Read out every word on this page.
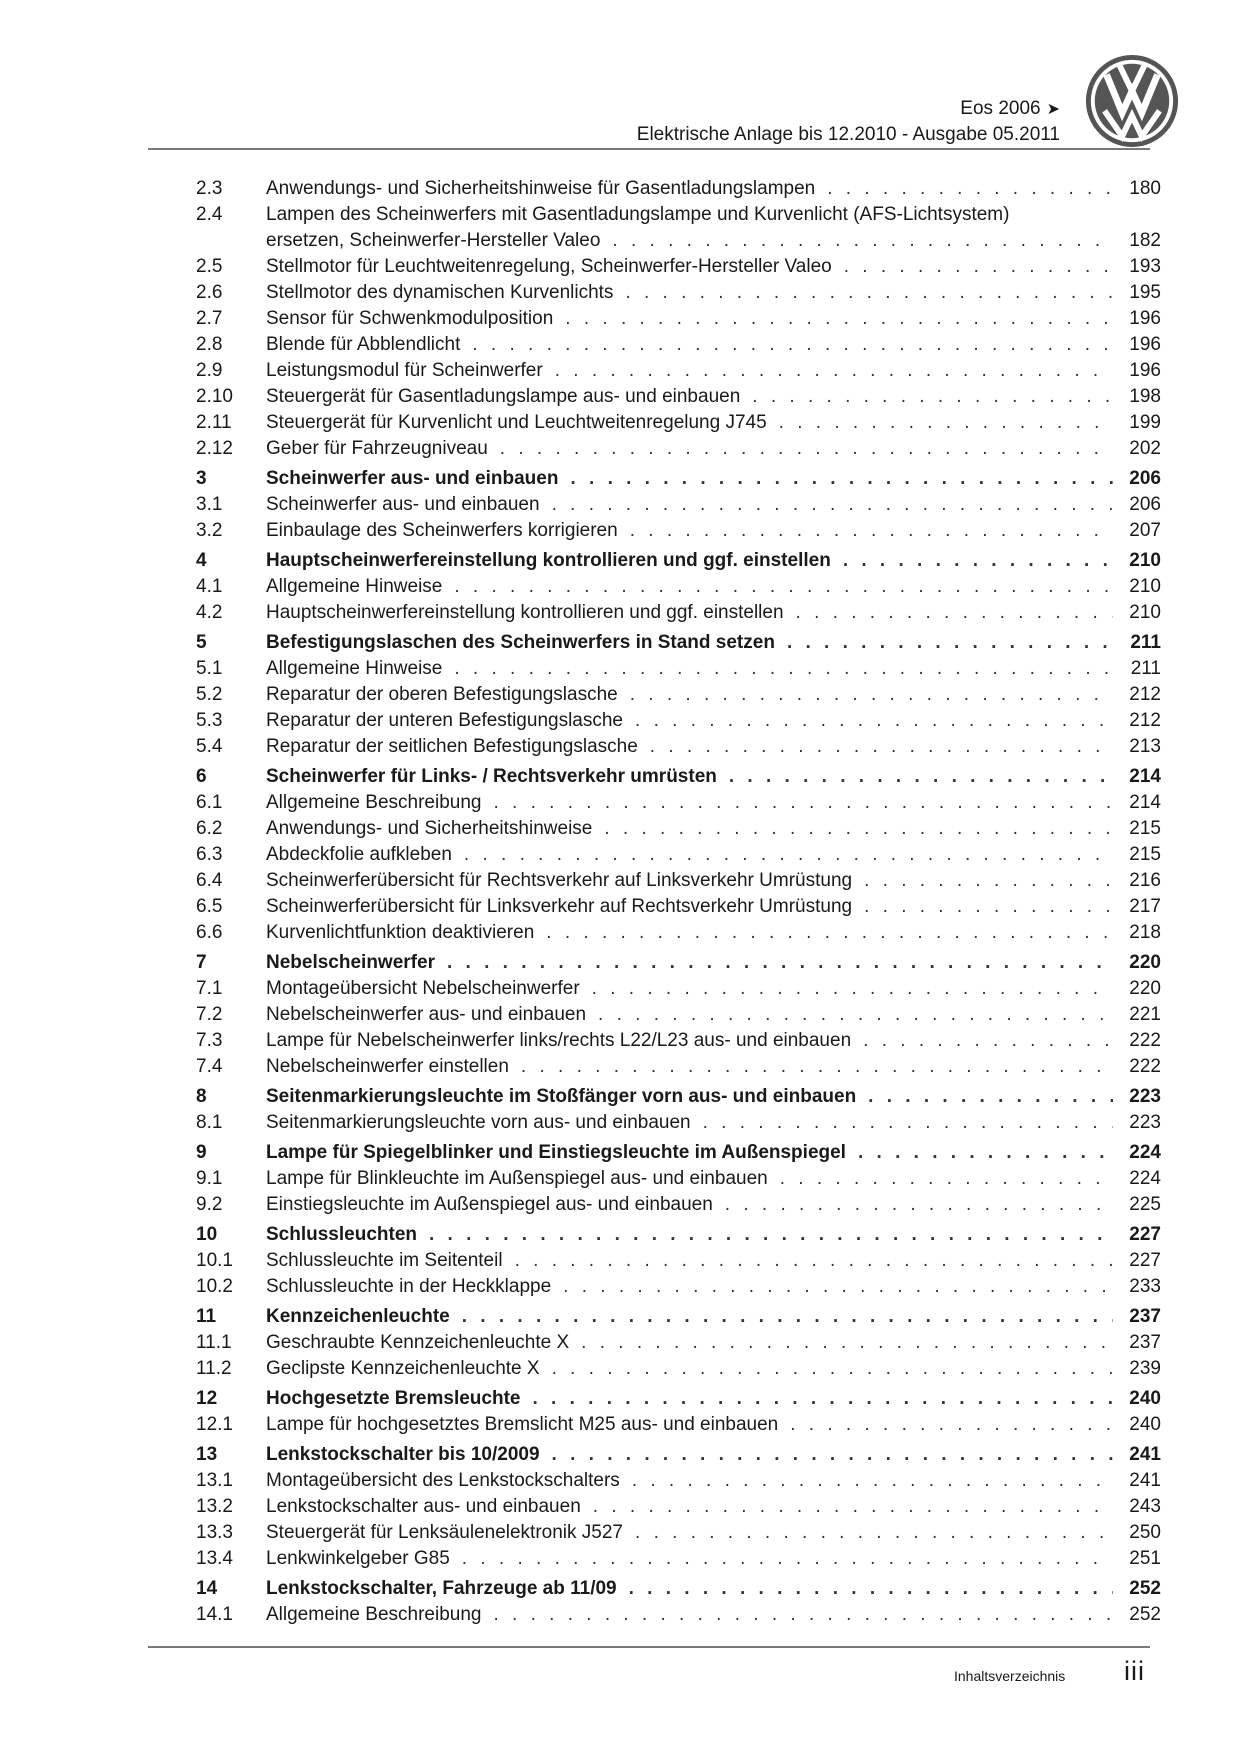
Eos 2006 ➤
Elektrische Anlage bis 12.2010 - Ausgabe 05.2011
2.3	Anwendungs- und Sicherheitshinweise für Gasentladungslampen . . .	180
2.4	Lampen des Scheinwerfers mit Gasentladungslampe und Kurvenlicht (AFS-Lichtsystem)
ersetzen, Scheinwerfer-Hersteller Valeo . . .	182
2.5	Stellmotor für Leuchtweitenregelung, Scheinwerfer-Hersteller Valeo . . .	193
2.6	Stellmotor des dynamischen Kurvenlichts . . .	195
2.7	Sensor für Schwenkmodulposition . . .	196
2.8	Blende für Abblendlicht . . .	196
2.9	Leistungsmodul für Scheinwerfer . . .	196
2.10	Steuergerät für Gasentladungslampe aus- und einbauen . . .	198
2.11	Steuergerät für Kurvenlicht und Leuchtweitenregelung J745 . . .	199
2.12	Geber für Fahrzeugniveau . . .	202
3	Scheinwerfer aus- und einbauen . . .	206
3.1	Scheinwerfer aus- und einbauen . . .	206
3.2	Einbaulage des Scheinwerfers korrigieren . . .	207
4	Hauptscheinwerfereinstellung kontrollieren und ggf. einstellen . . .	210
4.1	Allgemeine Hinweise . . .	210
4.2	Hauptscheinwerfereinstellung kontrollieren und ggf. einstellen . . .	210
5	Befestigungslaschen des Scheinwerfers in Stand setzen . . .	211
5.1	Allgemeine Hinweise . . .	211
5.2	Reparatur der oberen Befestigungslasche . . .	212
5.3	Reparatur der unteren Befestigungslasche . . .	212
5.4	Reparatur der seitlichen Befestigungslasche . . .	213
6	Scheinwerfer für Links- / Rechtsverkehr umrüsten . . .	214
6.1	Allgemeine Beschreibung . . .	214
6.2	Anwendungs- und Sicherheitshinweise . . .	215
6.3	Abdeckfolie aufkleben . . .	215
6.4	Scheinwerferübersicht für Rechtsverkehr auf Linksverkehr Umrüstung . . .	216
6.5	Scheinwerferübersicht für Linksverkehr auf Rechtsverkehr Umrüstung . . .	217
6.6	Kurvenlichtfunktion deaktivieren . . .	218
7	Nebelscheinwerfer . . .	220
7.1	Montageübersicht Nebelscheinwerfer . . .	220
7.2	Nebelscheinwerfer aus- und einbauen . . .	221
7.3	Lampe für Nebelscheinwerfer links/rechts L22/L23 aus- und einbauen . . .	222
7.4	Nebelscheinwerfer einstellen . . .	222
8	Seitenmarkierungsleuchte im Stoßfänger vorn aus- und einbauen . . .	223
8.1	Seitenmarkierungsleuchte vorn aus- und einbauen . . .	223
9	Lampe für Spiegelblinker und Einstiegsleuchte im Außenspiegel . . .	224
9.1	Lampe für Blinkleuchte im Außenspiegel aus- und einbauen . . .	224
9.2	Einstiegsleuchte im Außenspiegel aus- und einbauen . . .	225
10	Schlussleuchten . . .	227
10.1	Schlussleuchte im Seitenteil . . .	227
10.2	Schlussleuchte in der Heckklappe . . .	233
11	Kennzeichenleuchte . . .	237
11.1	Geschraubte Kennzeichenleuchte X . . .	237
11.2	Geclipste Kennzeichenleuchte X . . .	239
12	Hochgesetzte Bremsleuchte . . .	240
12.1	Lampe für hochgesetztes Bremslicht M25 aus- und einbauen . . .	240
13	Lenkstockschalter bis 10/2009 . . .	241
13.1	Montageübersicht des Lenkstockschalters . . .	241
13.2	Lenkstockschalter aus- und einbauen . . .	243
13.3	Steuergerät für Lenksäulenelektronik J527 . . .	250
13.4	Lenkwinkelgeber G85 . . .	251
14	Lenkstockschalter, Fahrzeuge ab 11/09 . . .	252
14.1	Allgemeine Beschreibung . . .	252
Inhaltsverzeichnis iii
